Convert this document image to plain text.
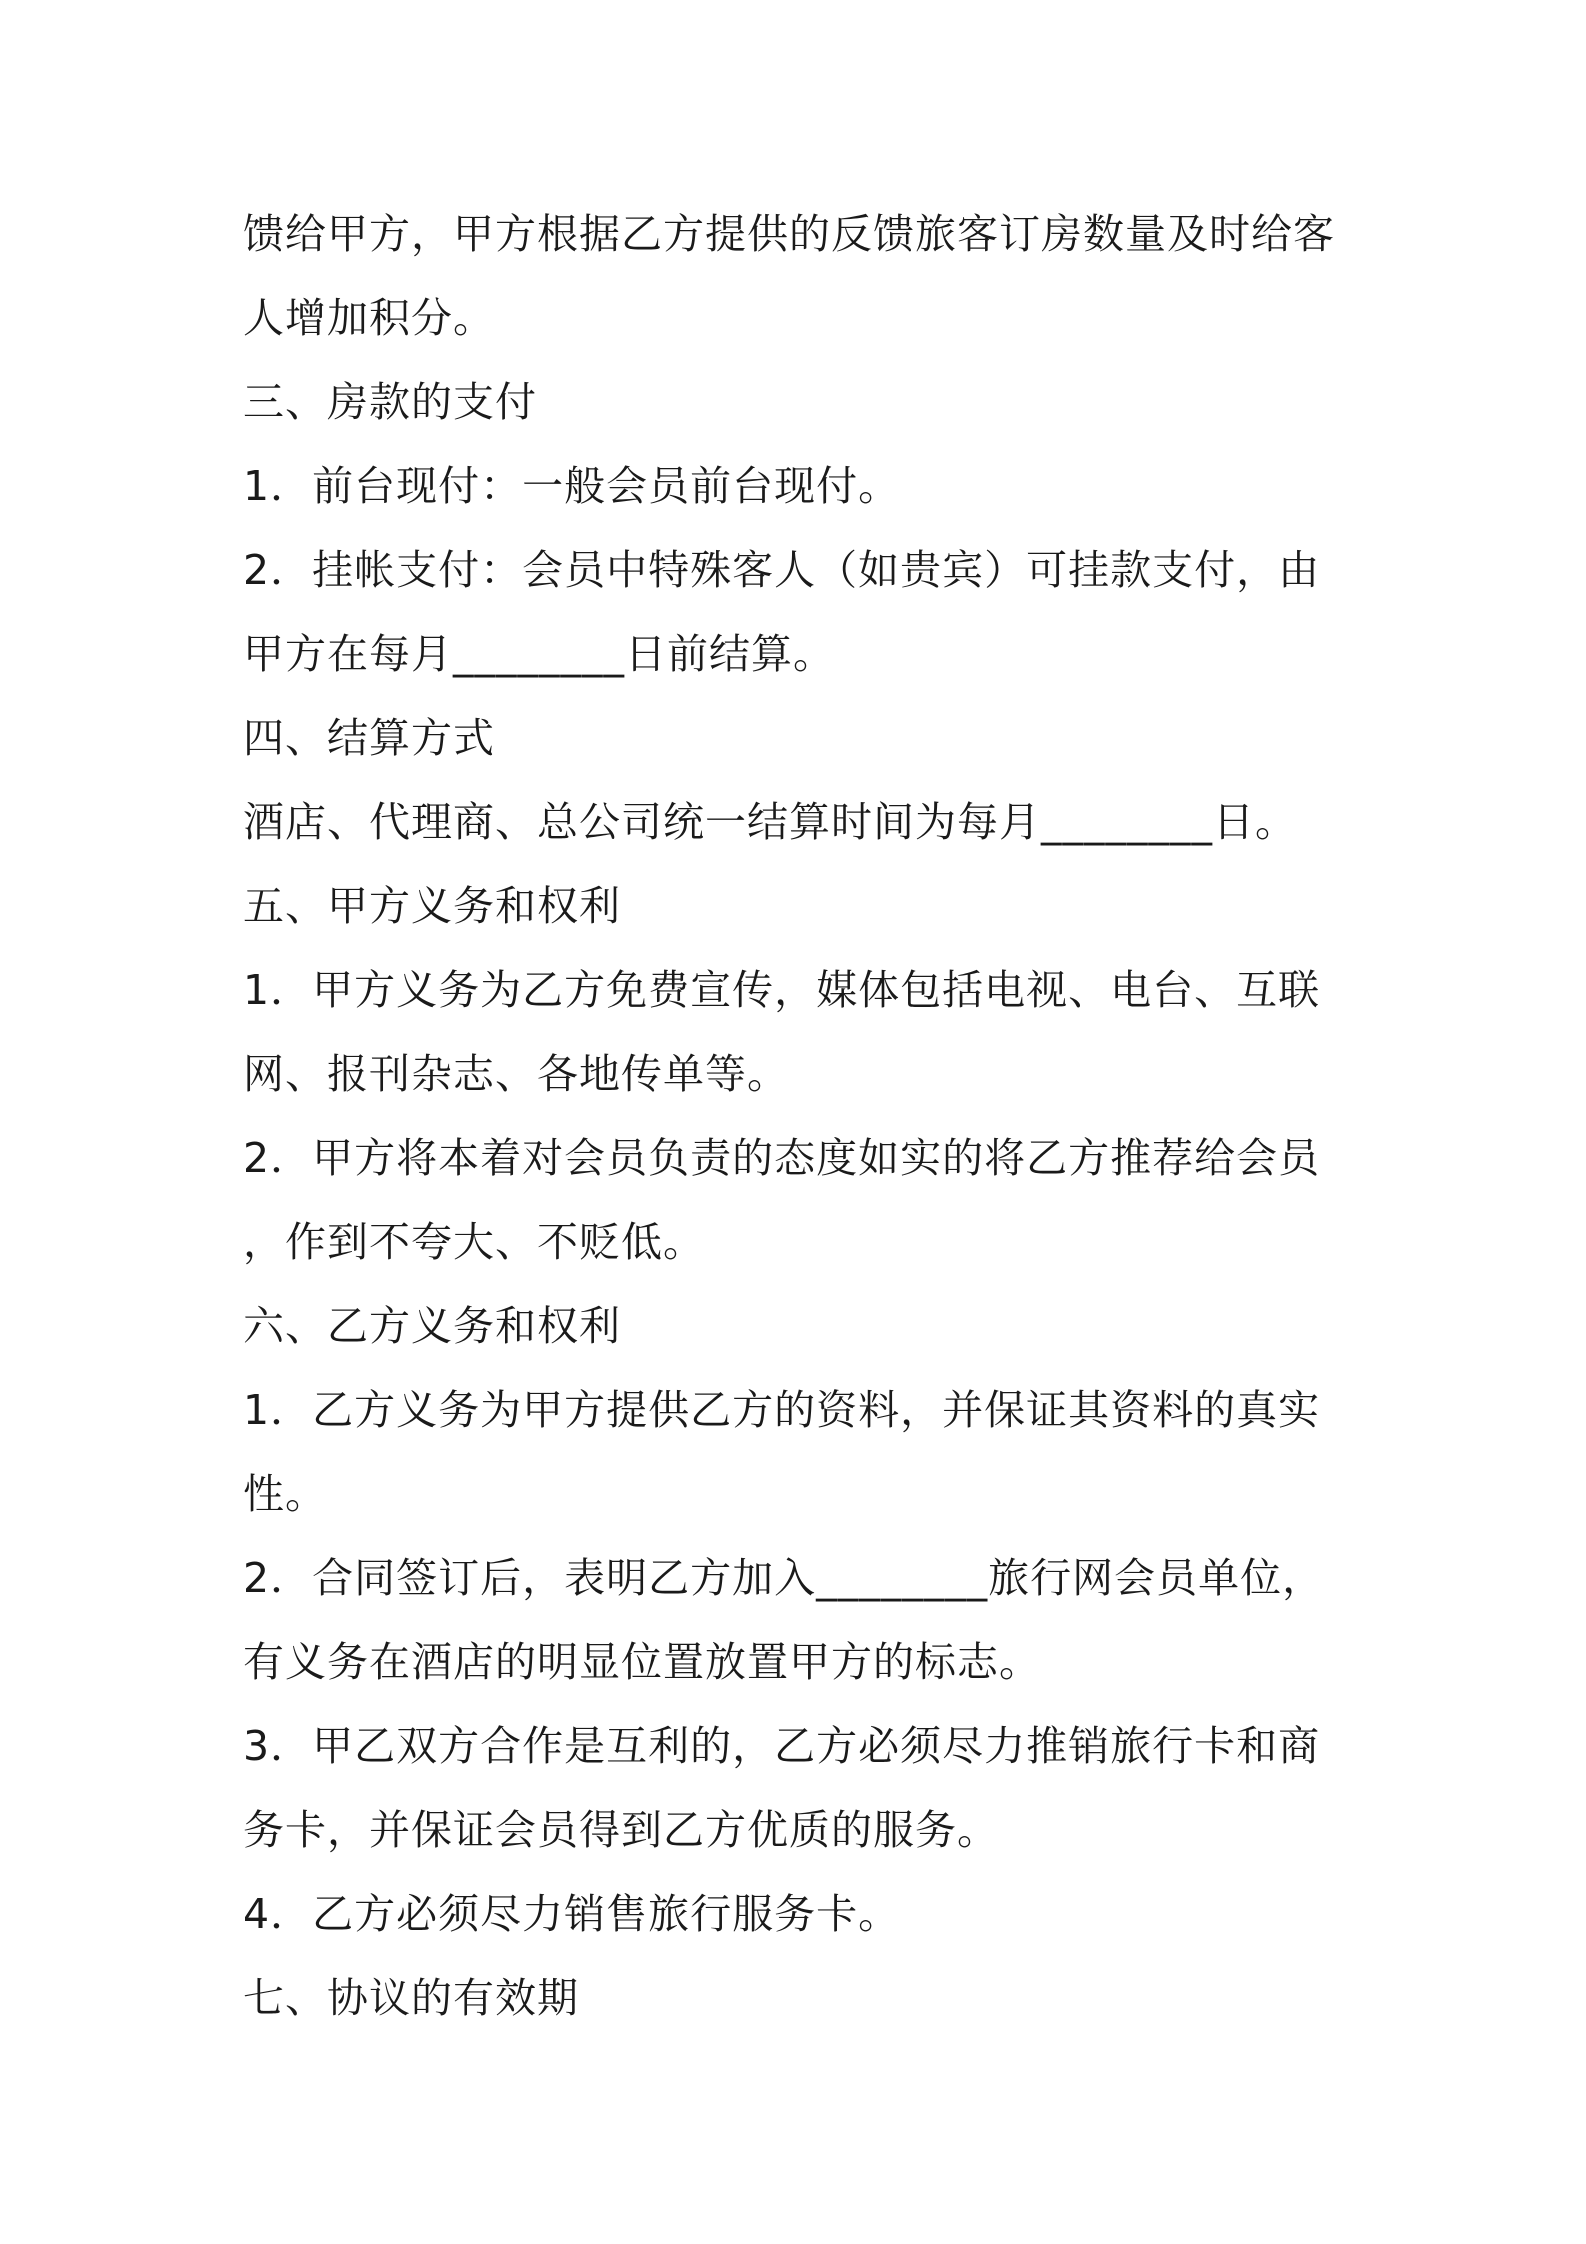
馈给甲方，甲方根据乙方提供的反馈旅客订房数量及时给客
人增加积分。
三、房款的支付
1．前台现付：一般会员前台现付。
2．挂帐支付：会员中特殊客人（如贵宾）可挂款支付，由
甲方在每月________日前结算。
四、结算方式
酒店、代理商、总公司统一结算时间为每月________日。
五、甲方义务和权利
1．甲方义务为乙方免费宣传，媒体包括电视、电台、互联
网、报刊杂志、各地传单等。
2．甲方将本着对会员负责的态度如实的将乙方推荐给会员
，作到不夸大、不贬低。
六、乙方义务和权利
1．乙方义务为甲方提供乙方的资料，并保证其资料的真实
性。
2．合同签订后，表明乙方加入________旅行网会员单位，
有义务在酒店的明显位置放置甲方的标志。
3．甲乙双方合作是互利的，乙方必须尽力推销旅行卡和商
务卡，并保证会员得到乙方优质的服务。
4．乙方必须尽力销售旅行服务卡。
七、协议的有效期
